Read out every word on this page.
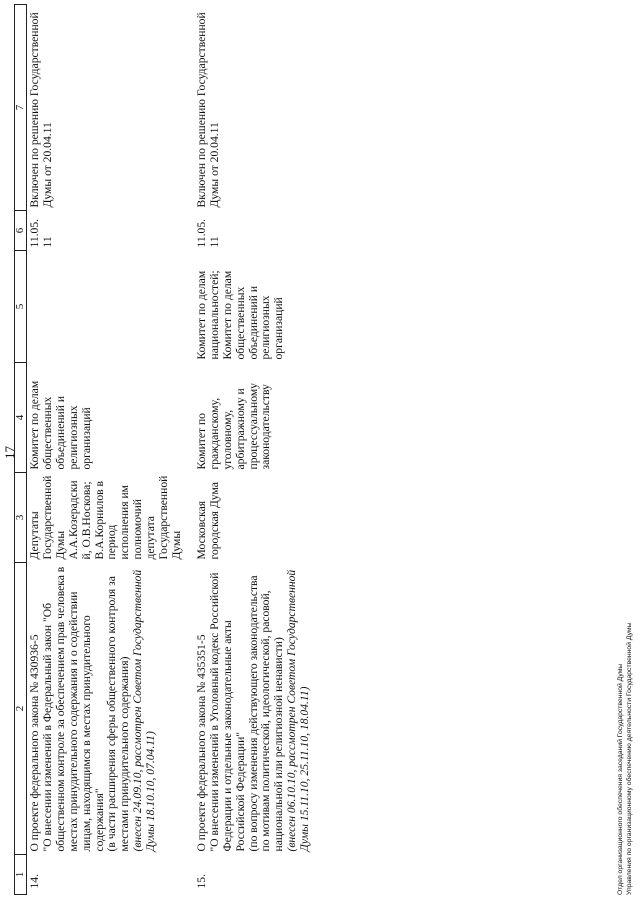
17
1	2	3	4	5	6	7
14.	О проекте федерального закона № 430936-5 "О внесении изменений в Федеральный закон "Об общественном контроле за обеспечением прав человека в местах принудительного содержания и о содействии лицам, находящимся в местах принудительного содержания" (в части расширения сферы общественного контроля за местами принудительного содержания) (внесен 24.09.10, рассмотрен Советом Государственной Думы 18.10.10, 07.04.11)	Депутаты Государственной Думы А.А.Козерадский, О.В.Носкова; В.А.Корнилов в период исполнения им полномочий депутата Государственной Думы	Комитет по делам общественных объединений и религиозных организаций		11.05.11	Включен по решению Государственной Думы от 20.04.11
15.	О проекте федерального закона № 435351-5 "О внесении изменений в Уголовный кодекс Российской Федерации и отдельные законодательные акты Российской Федерации" (по вопросу изменения действующего законодательства по мотивам политической, идеологической, расовой, национальной или религиозной ненависти) (внесен 06.10.10, рассмотрен Советом Государственной Думы 15.11.10, 25.11.10, 18.04.11)	Московская городская Дума	Комитет по гражданскому, уголовному, арбитражному и процессуальному законодательству	Комитет по делам национальностей; Комитет по делам общественных объединений и религиозных организаций	11.05.11	Включен по решению Государственной Думы от 20.04.11
Отдел организационного обеспечения заседаний Государственной Думы Управления по организационному обеспечению деятельности Государственной Думы
